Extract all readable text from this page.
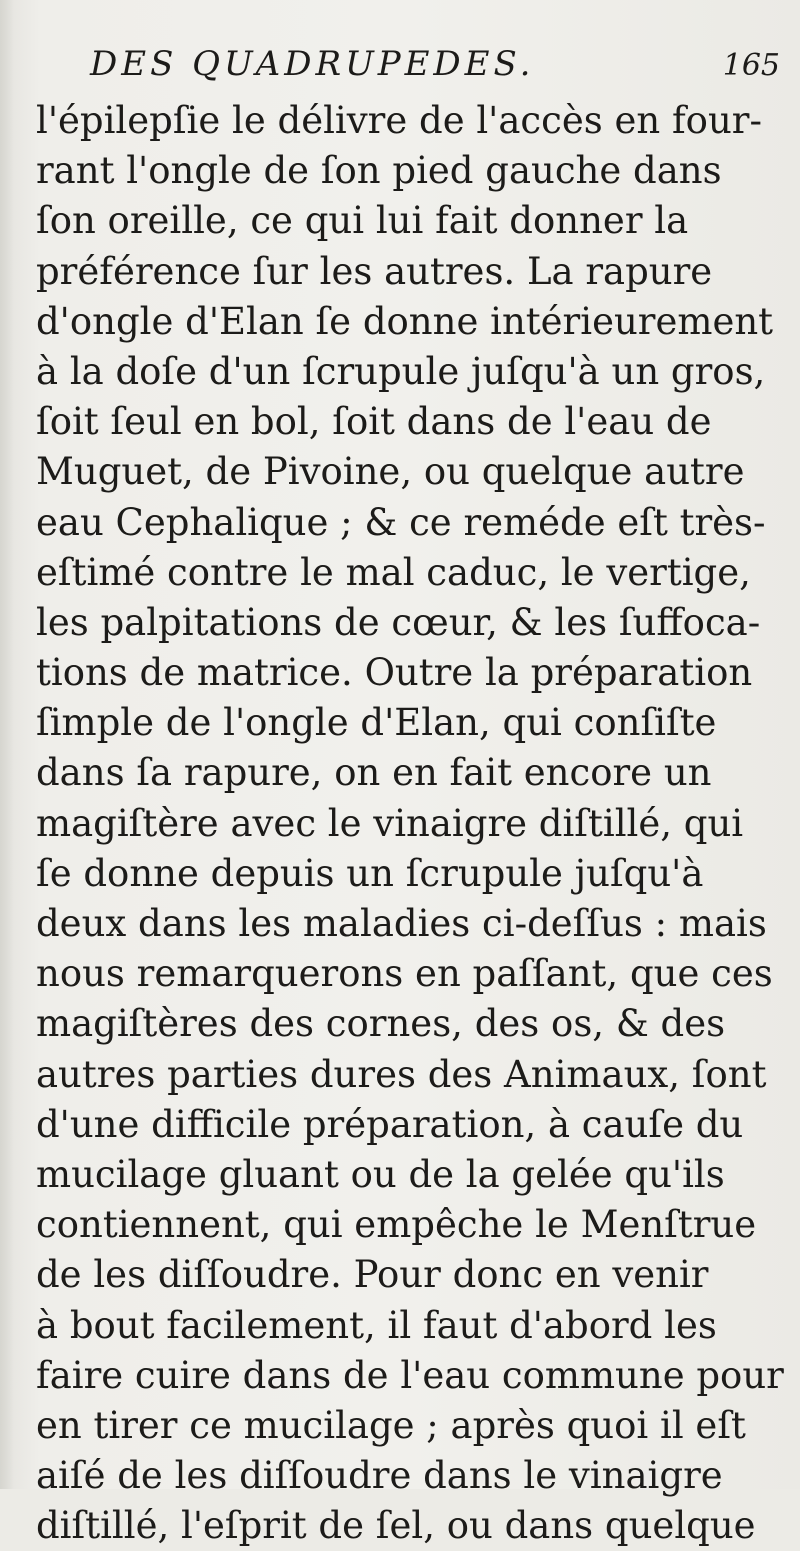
DES QUADRUPEDES.	165
l'épilepſie le délivre de l'accès en four-
rant l'ongle de ſon pied gauche dans
ſon oreille, ce qui lui fait donner la
préférence ſur les autres. La rapure
d'ongle d'Elan ſe donne intérieurement
à la doſe d'un ſcrupule juſqu'à un gros,
ſoit ſeul en bol, ſoit dans de l'eau de
Muguet, de Pivoine, ou quelque autre
eau Cephalique ; & ce reméde eſt très-
eſtimé contre le mal caduc, le vertige,
les palpitations de cœur, & les ſuffoca-
tions de matrice. Outre la préparation
ſimple de l'ongle d'Elan, qui conſiſte
dans ſa rapure, on en fait encore un
magiſtère avec le vinaigre diſtillé, qui
ſe donne depuis un ſcrupule juſqu'à
deux dans les maladies ci-deſſus : mais
nous remarquerons en paſſant, que ces
magiſtères des cornes, des os, & des
autres parties dures des Animaux, ſont
d'une difficile préparation, à cauſe du
mucilage gluant ou de la gelée qu'ils
contiennent, qui empêche le Menſtrue
de les diſſoudre. Pour donc en venir
à bout facilement, il faut d'abord les
faire cuire dans de l'eau commune pour
en tirer ce mucilage ; après quoi il eſt
aiſé de les diſſoudre dans le vinaigre
diſtillé, l'eſprit de ſel, ou dans quelque
